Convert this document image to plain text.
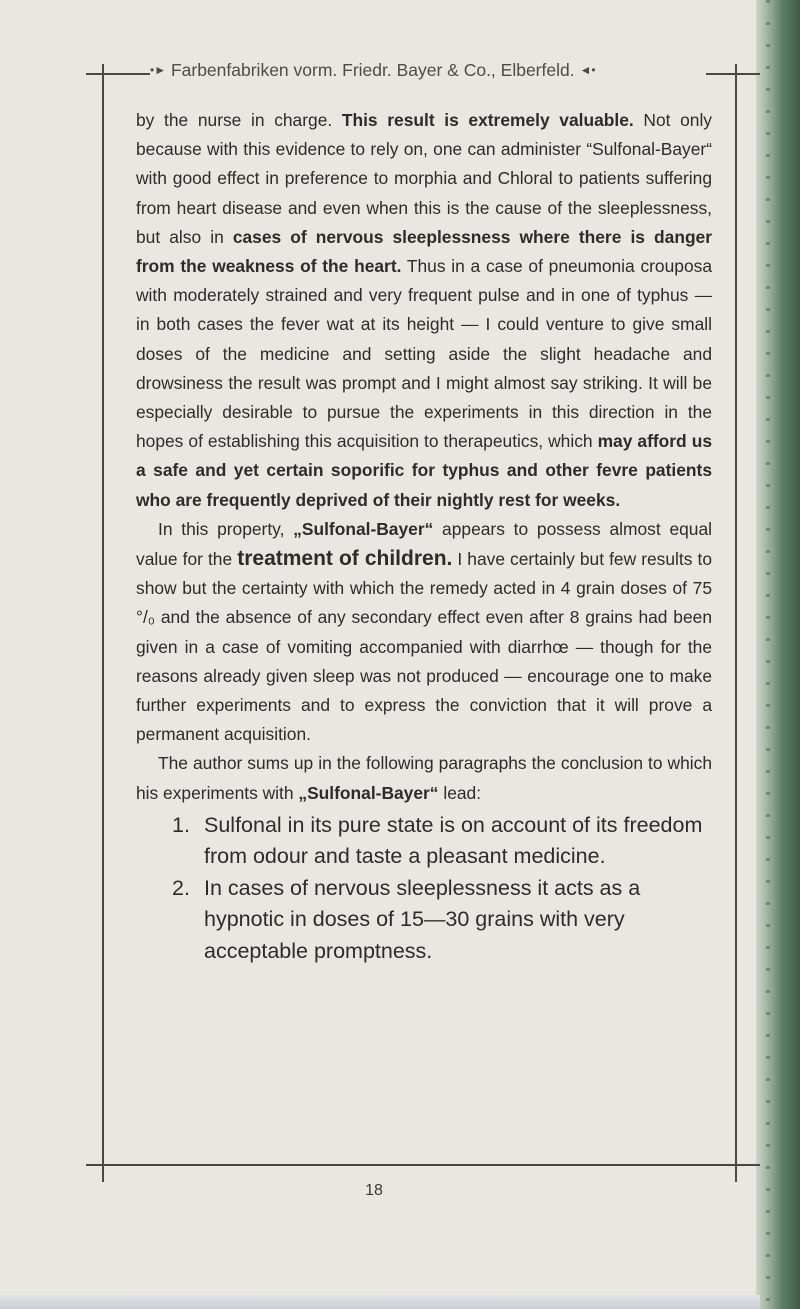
•► Farbenfabriken vorm. Friedr. Bayer & Co., Elberfeld. ◄•

by the nurse in charge. This result is extremely valuable. Not only because with this evidence to rely on, one can administer “Sulfonal-Bayer“ with good effect in preference to morphia and Chloral to patients suffering from heart disease and even when this is the cause of the sleeplessness, but also in cases of nervous sleeplessness where there is danger from the weakness of the heart. Thus in a case of pneumonia crouposa with moderately strained and very frequent pulse and in one of typhus — in both cases the fever wat at its height — I could venture to give small doses of the medicine and setting aside the slight headache and drowsiness the result was prompt and I might almost say striking. It will be especially desirable to pursue the experiments in this direction in the hopes of establishing this acquisition to therapeutics, which may afford us a safe and yet certain soporific for typhus and other fevre patients who are frequently deprived of their nightly rest for weeks.

In this property, „Sulfonal-Bayer“ appears to possess almost equal value for the treatment of children. I have certainly but few results to show but the certainty with which the remedy acted in 4 grain doses of 75 °/₀ and the absence of any secondary effect even after 8 grains had been given in a case of vomiting accompanied with diarrhœ — though for the reasons already given sleep was not produced — encourage one to make further experiments and to express the conviction that it will prove a permanent acquisition.

The author sums up in the following paragraphs the conclusion to which his experiments with „Sulfonal-Bayer“ lead:

1. Sulfonal in its pure state is on account of its freedom from odour and taste a pleasant medicine.
2. In cases of nervous sleeplessness it acts as a hypnotic in doses of 15—30 grains with very acceptable promptness.
18
